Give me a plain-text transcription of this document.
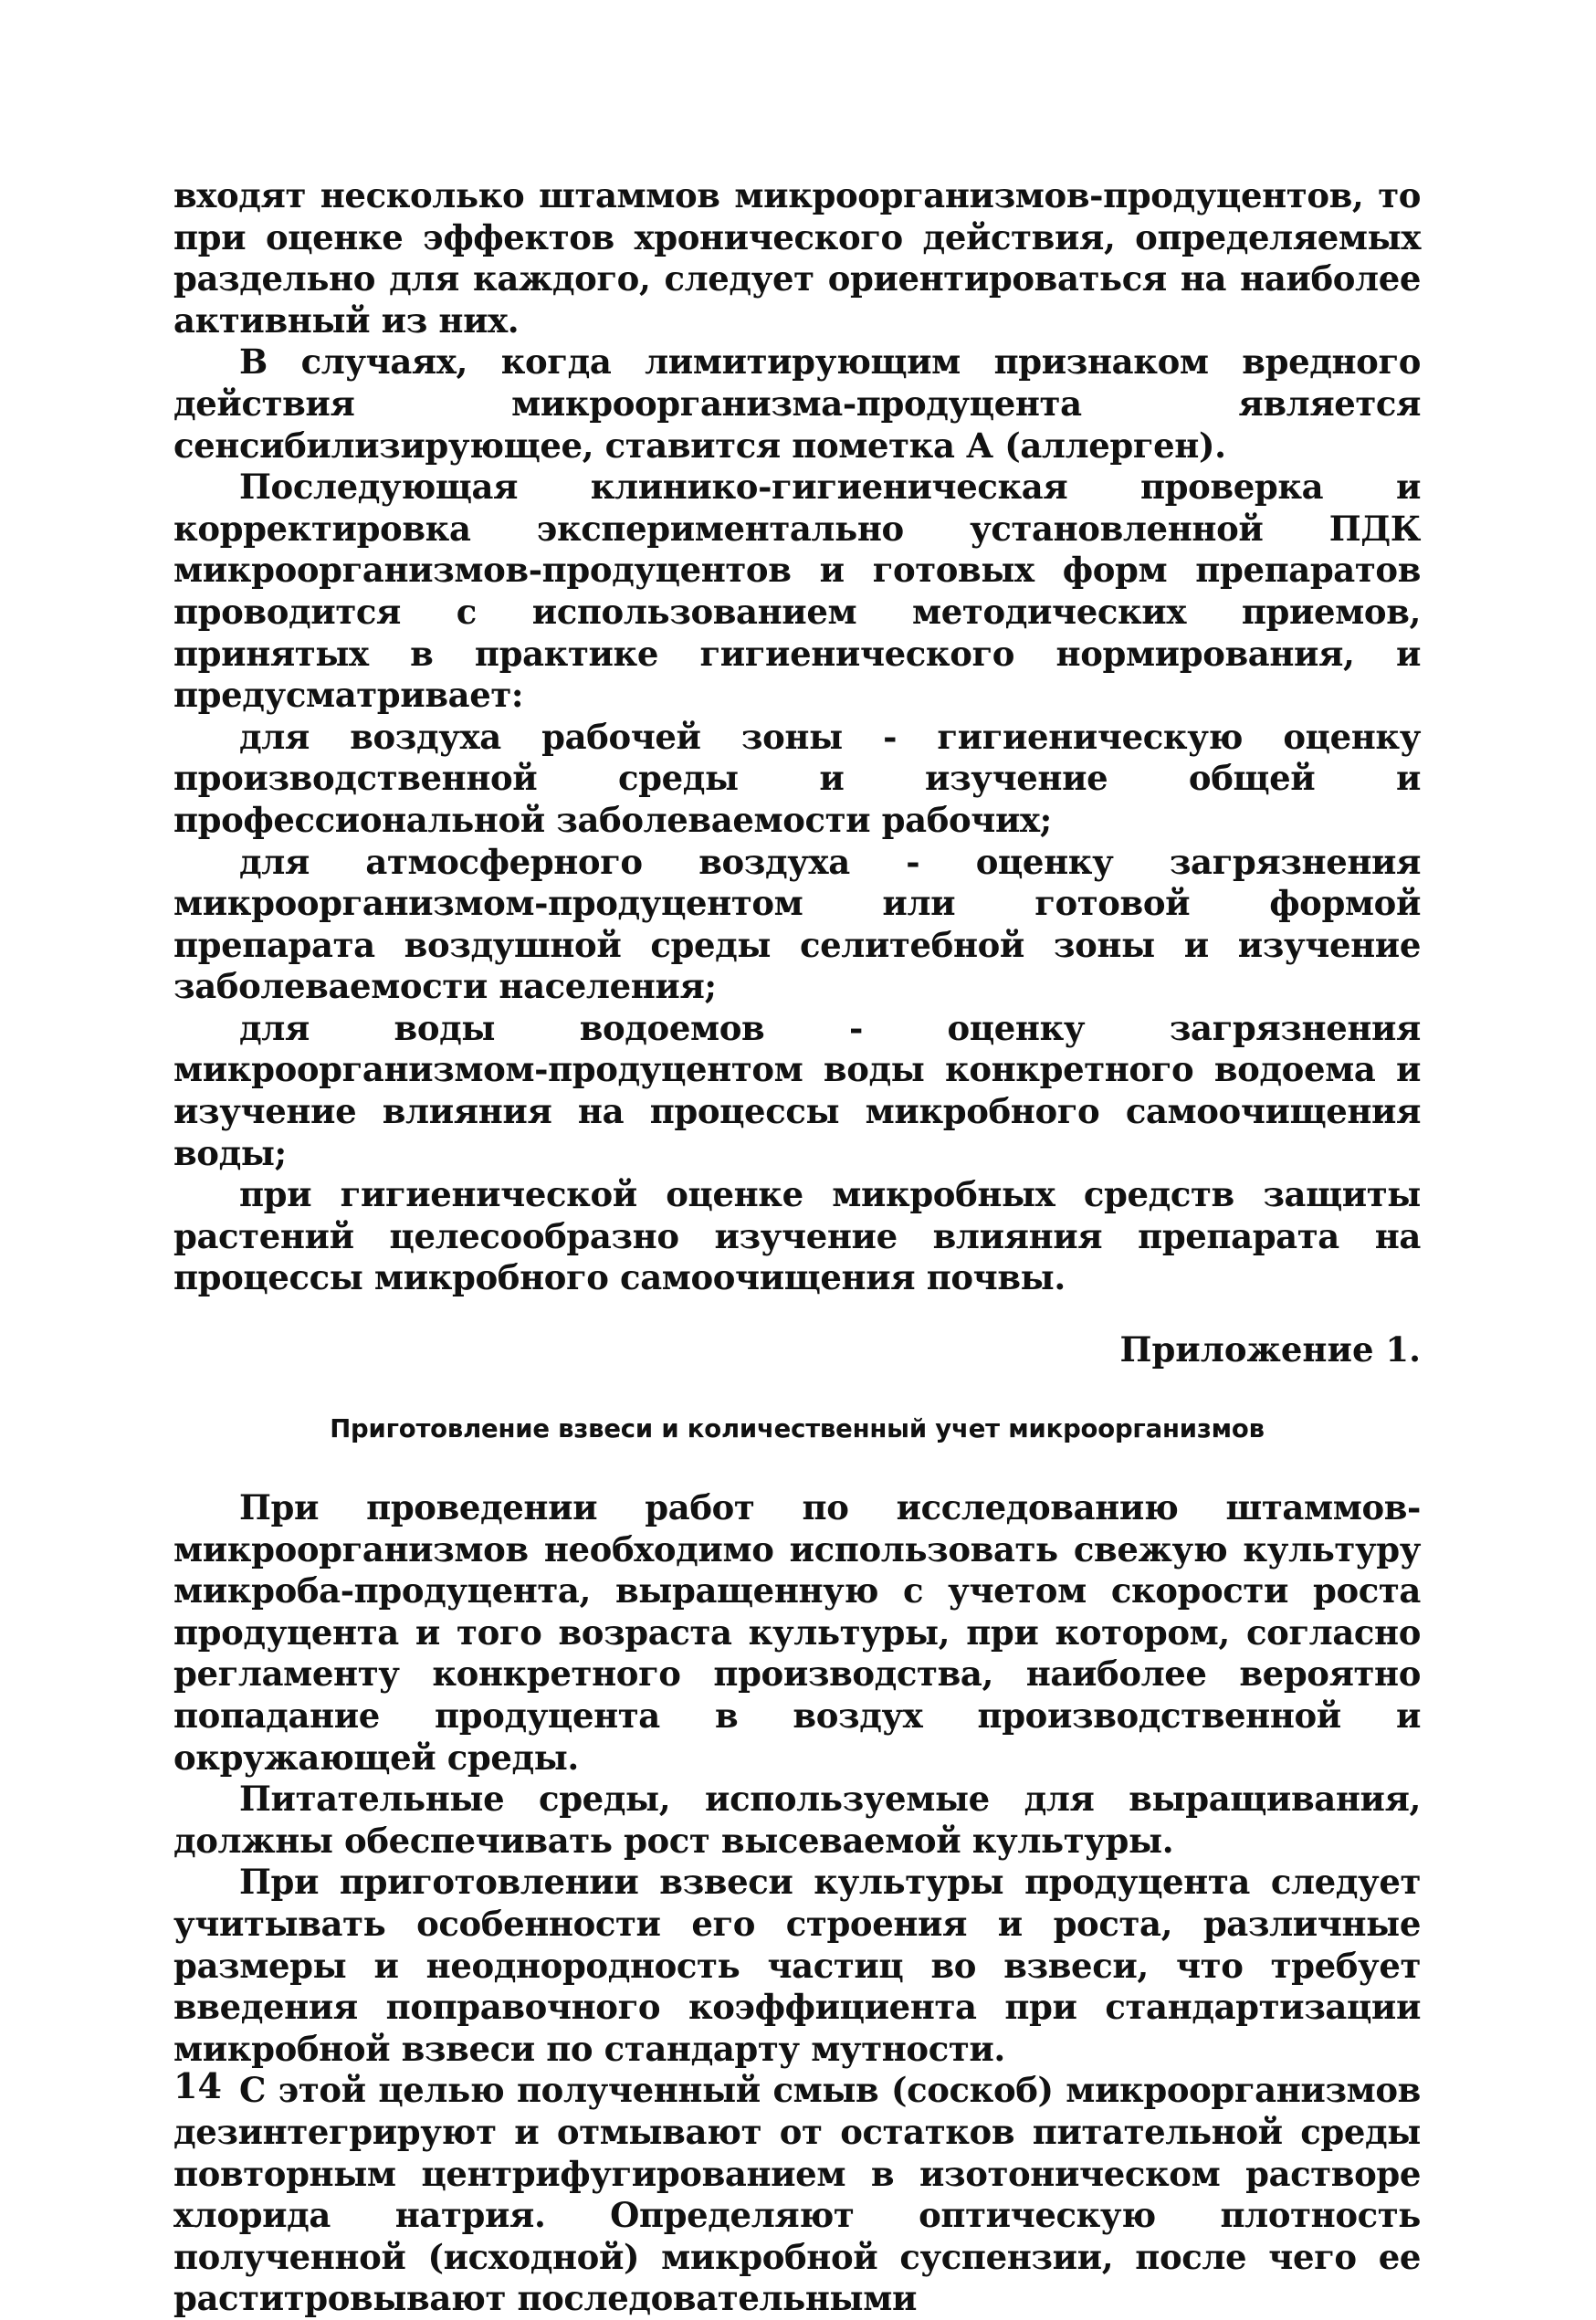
входят несколько штаммов микроорганизмов-продуцентов, то при оценке эффектов хронического действия, определяемых раздельно для каждого, следует ориентироваться на наиболее активный из них.

В случаях, когда лимитирующим признаком вредного действия микроорганизма-продуцента является сенсибилизирующее, ставится пометка А (аллерген).

Последующая клинико-гигиеническая проверка и корректировка экспериментально установленной ПДК микроорганизмов-продуцентов и готовых форм препаратов проводится с использованием методических приемов, принятых в практике гигиенического нормирования, и предусматривает:

для воздуха рабочей зоны - гигиеническую оценку производственной среды и изучение общей и профессиональной заболеваемости рабочих;

для атмосферного воздуха - оценку загрязнения микроорганизмом-продуцентом или готовой формой препарата воздушной среды селитебной зоны и изучение заболеваемости населения;

для воды водоемов - оценку загрязнения микроорганизмом-продуцентом воды конкретного водоема и изучение влияния на процессы микробного самоочищения воды;

при гигиенической оценке микробных средств защиты растений целесообразно изучение влияния препарата на процессы микробного самоочищения почвы.

Приложение 1.
Приготовление взвеси и количественный учет микроорганизмов

При проведении работ по исследованию штаммов-микроорганизмов необходимо использовать свежую культуру микроба-продуцента, выращенную с учетом скорости роста продуцента и того возраста культуры, при котором, согласно регламенту конкретного производства, наиболее вероятно попадание продуцента в воздух производственной и окружающей среды.

Питательные среды, используемые для выращивания, должны обеспечивать рост высеваемой культуры.

При приготовлении взвеси культуры продуцента следует учитывать особенности его строения и роста, различные размеры и неоднородность частиц во взвеси, что требует введения поправочного коэффициента при стандартизации микробной взвеси по стандарту мутности.

С этой целью полученный смыв (соскоб) микроорганизмов дезинтегрируют и отмывают от остатков питательной среды повторным центрифугированием в изотоническом растворе хлорида натрия. Определяют оптическую плотность полученной (исходной) микробной суспензии, после чего ее раститровывают последовательными

14
